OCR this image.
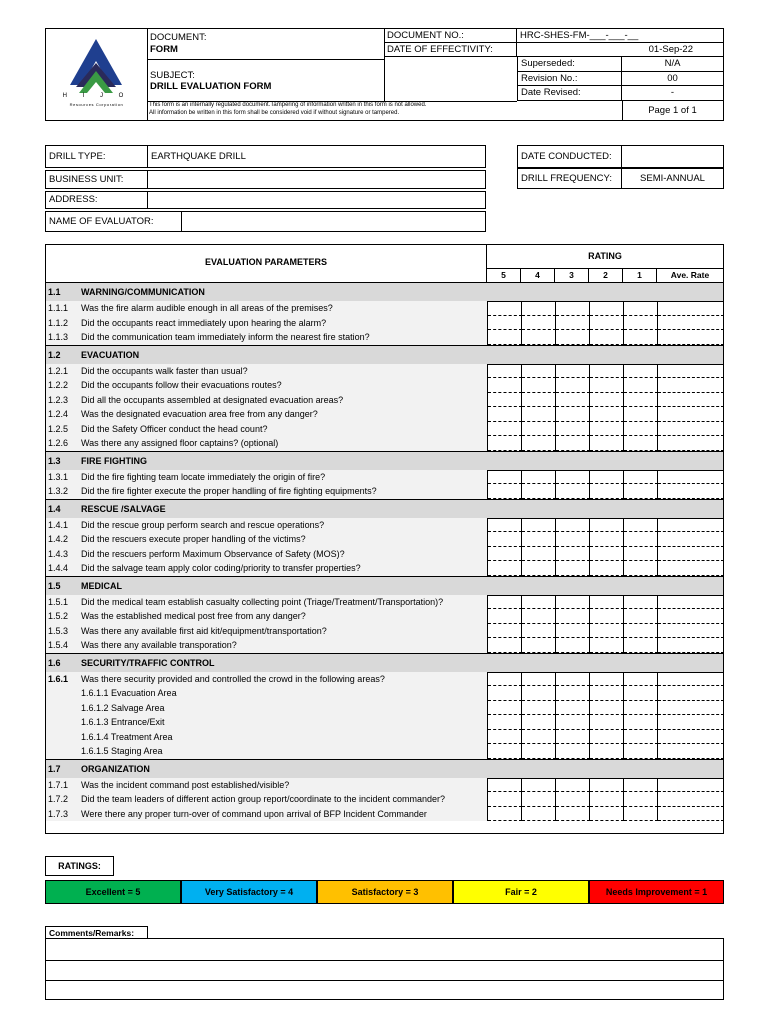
H I J O
Resources Corporation
DOCUMENT:
FORM
SUBJECT:
DRILL EVALUATION FORM
This form is an internally regulated document.Tampering of information written in this form is not allowed.
All information be written in this form shall be considered void if without signature or tampered.
DOCUMENT NO.:	HRC-SHES-FM-___-___-__
DATE OF EFFECTIVITY:	01-Sep-22
Superseded:	N/A
Revision No.:	00
Date Revised:	-
Page 1 of 1
DRILL TYPE:	EARTHQUAKE DRILL
BUSINESS UNIT:
ADDRESS:
NAME OF EVALUATOR:
DATE CONDUCTED:
DRILL FREQUENCY:	SEMI-ANNUAL
EVALUATION PARAMETERS
RATING
5	4	3	2	1	Ave. Rate
1.1 WARNING/COMMUNICATION
1.1.1 Was the fire alarm audible enough in all areas of the premises?
1.1.2 Did the occupants react immediately upon hearing the alarm?
1.1.3 Did the communication team immediately inform the nearest fire station?
1.2 EVACUATION
1.2.1 Did the occupants walk faster than usual?
1.2.2 Did the occupants follow their evacuations routes?
1.2.3 Did all the occupants assembled at designated evacuation areas?
1.2.4 Was the designated evacuation area free from any danger?
1.2.5 Did the Safety Officer conduct the head count?
1.2.6 Was there any assigned floor captains? (optional)
1.3 FIRE FIGHTING
1.3.1 Did the fire fighting team locate immediately the origin of fire?
1.3.2 Did the fire fighter execute the proper handling of fire fighting equipments?
1.4 RESCUE /SALVAGE
1.4.1 Did the rescue group perform search and rescue operations?
1.4.2 Did the rescuers execute proper handling of the victims?
1.4.3 Did the rescuers perform Maximum Observance of Safety (MOS)?
1.4.4 Did the salvage team apply color coding/priority to transfer properties?
1.5 MEDICAL
1.5.1 Did the medical team establish casualty collecting point (Triage/Treatment/Transportation)?
1.5.2 Was the established medical post free from any danger?
1.5.3 Was there any available first aid kit/equipment/transportation?
1.5.4 Was there any available transporation?
1.6 SECURITY/TRAFFIC CONTROL
1.6.1 Was there security provided and controlled the crowd in the following areas?
1.6.1.1 Evacuation Area
1.6.1.2 Salvage Area
1.6.1.3 Entrance/Exit
1.6.1.4 Treatment Area
1.6.1.5 Staging Area
1.7 ORGANIZATION
1.7.1 Was the incident command post established/visible?
1.7.2 Did the team leaders of different action group report/coordinate to the incident commander?
1.7.3 Were there any proper turn-over of command upon arrival of BFP Incident Commander
RATINGS:
Excellent = 5	Very Satisfactory = 4	Satisfactory = 3	Fair = 2	Needs Improvement = 1
Comments/Remarks:
